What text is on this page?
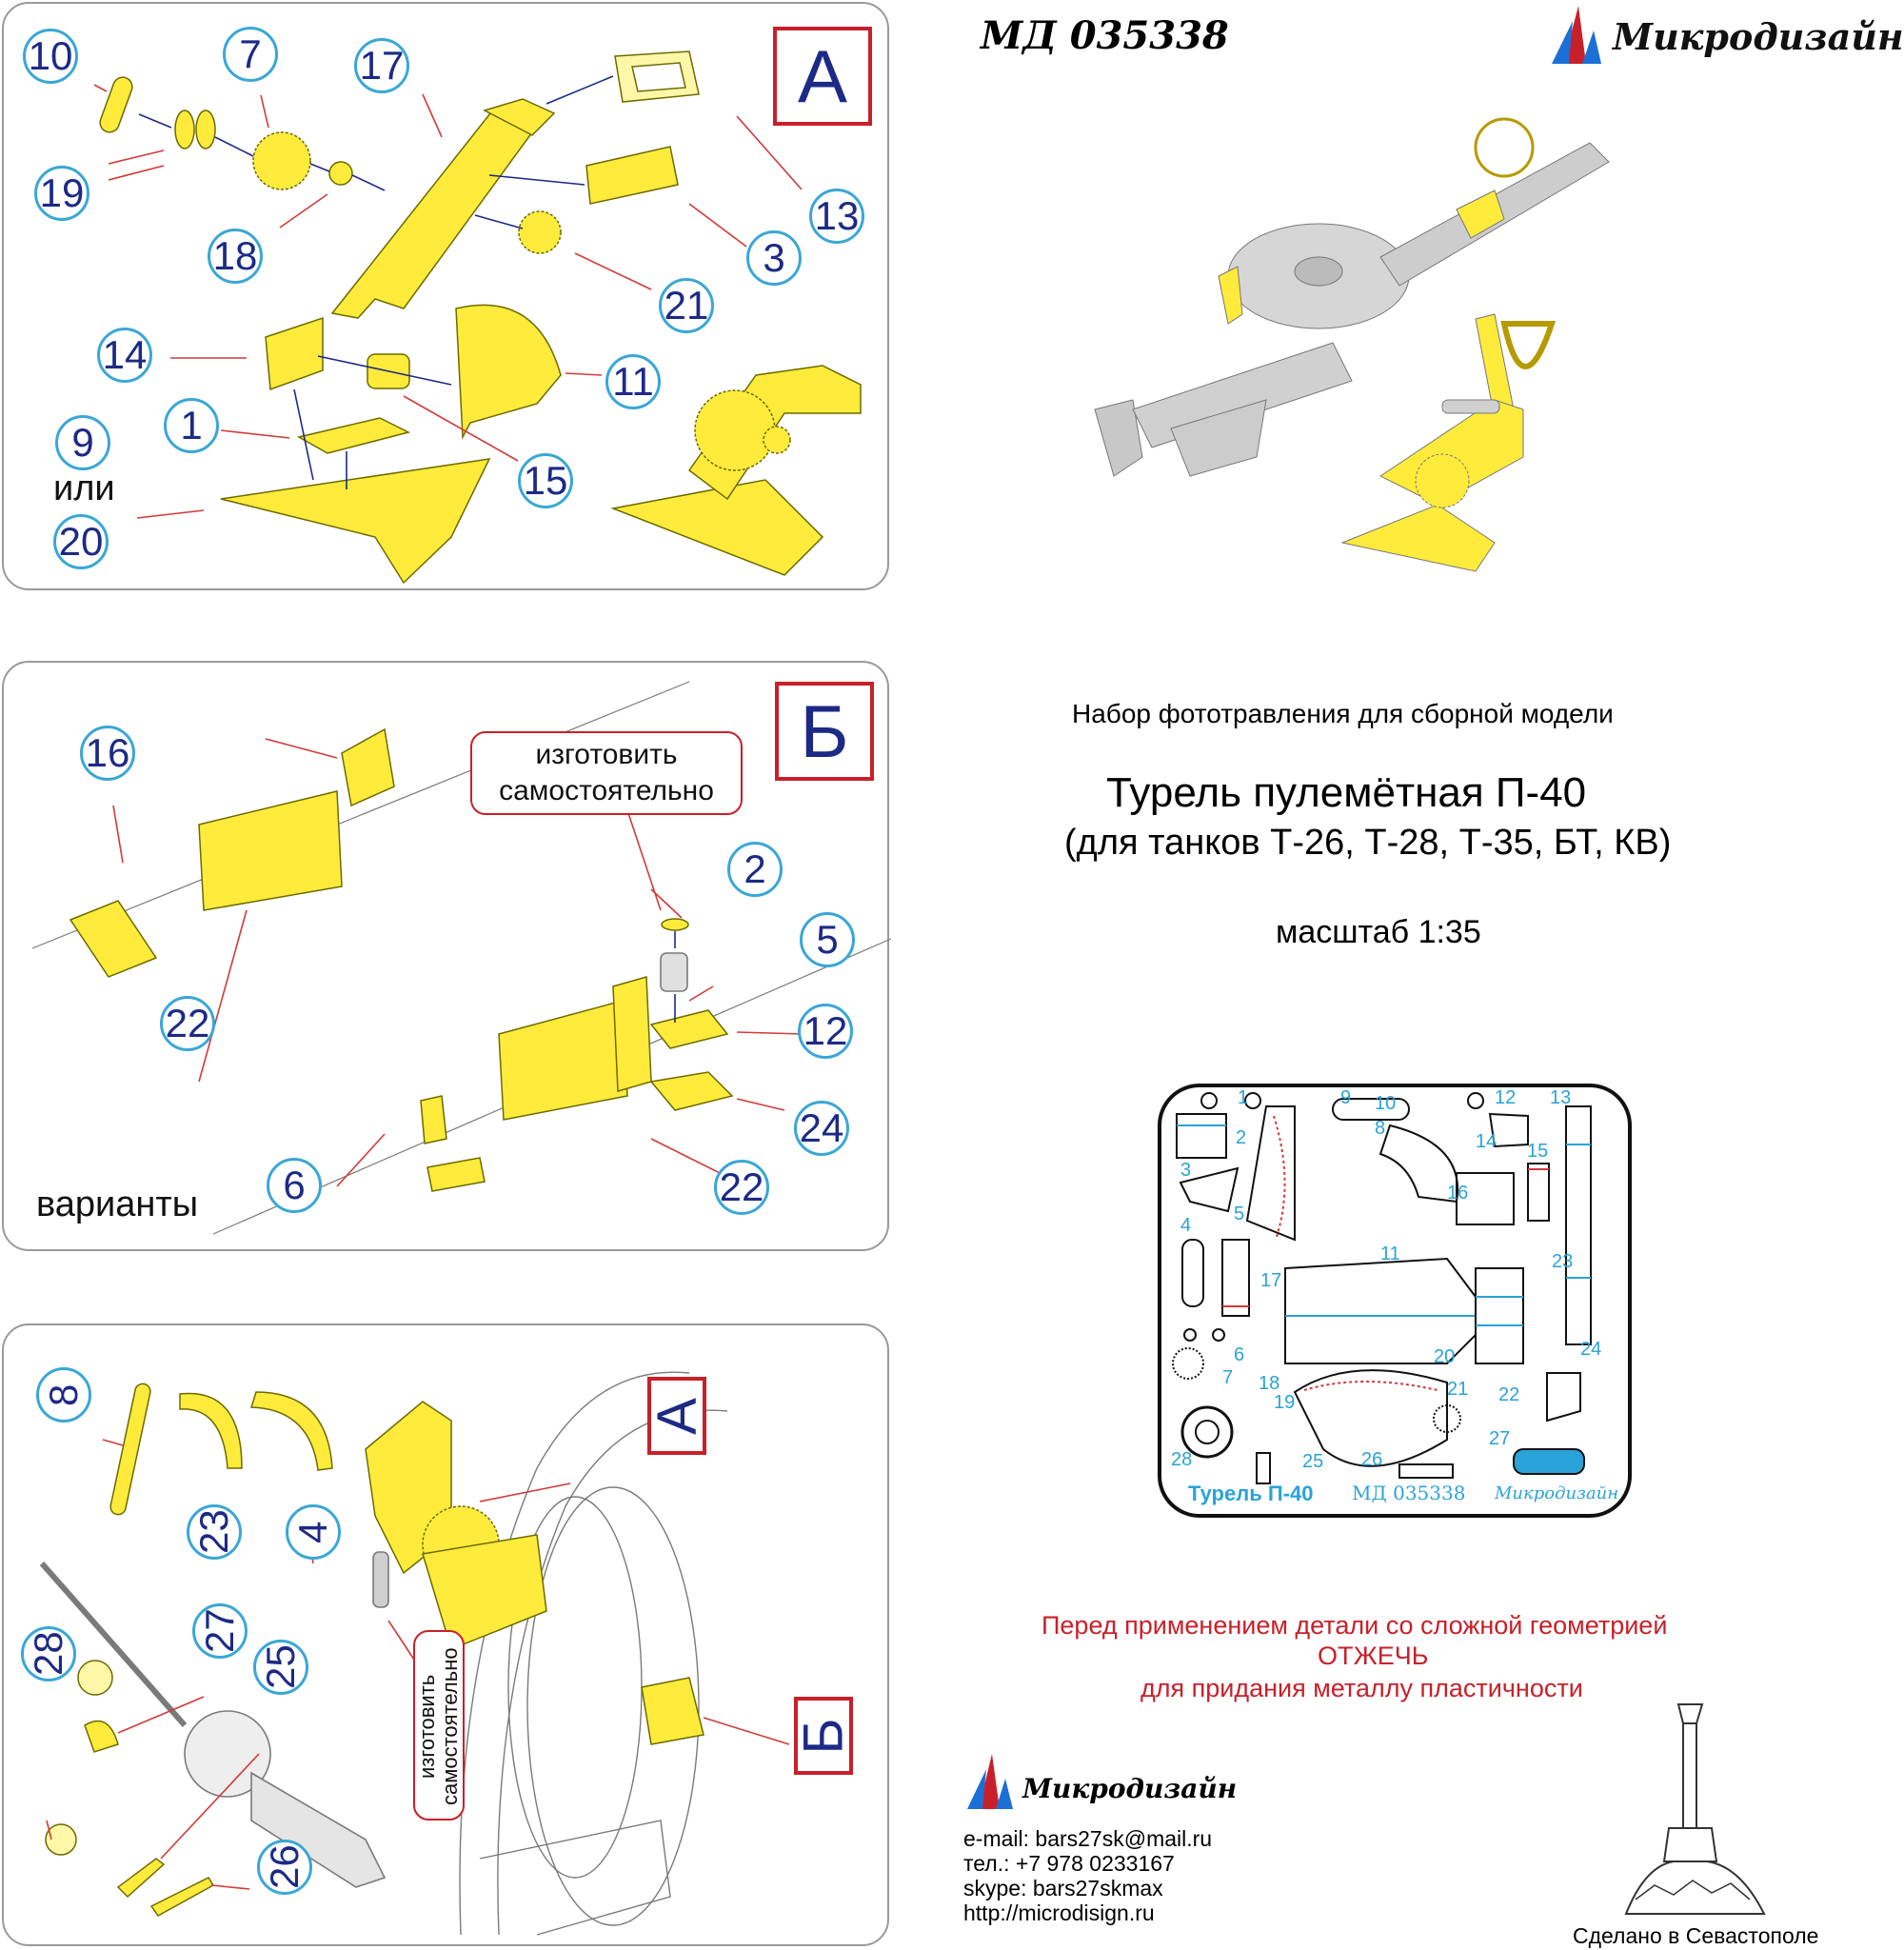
МД 035338	Микродизайн
А
10	7	17
19
18
13
3
21
14
11
1
9
или	15
20
Б
изготовить
самостоятельно
16
2
5
12
22
24
6	22
варианты
8
23 4
28
27
25
26
А
Б
изготовить самостоятельно
Набор фототравления для сборной модели
Турель пулемётная П-40
(для танков Т-26, Т-28, Т-35, БТ, КВ)
масштаб 1:35
1
2
3
4
5
6
7
8
9 10
11
12 13
14 15
16
17
18
19
20
21 22
23
24
25 26
27
28
Турель П-40 МД 035338 Микродизайн
Перед применением детали со сложной геометрией
ОТЖЕЧЬ
для придания металлу пластичности
Микродизайн
e-mail: bars27sk@mail.ru
тел.: +7 978 0233167
skype: bars27skmax
http://microdisign.ru
Сделано в Севастополе
